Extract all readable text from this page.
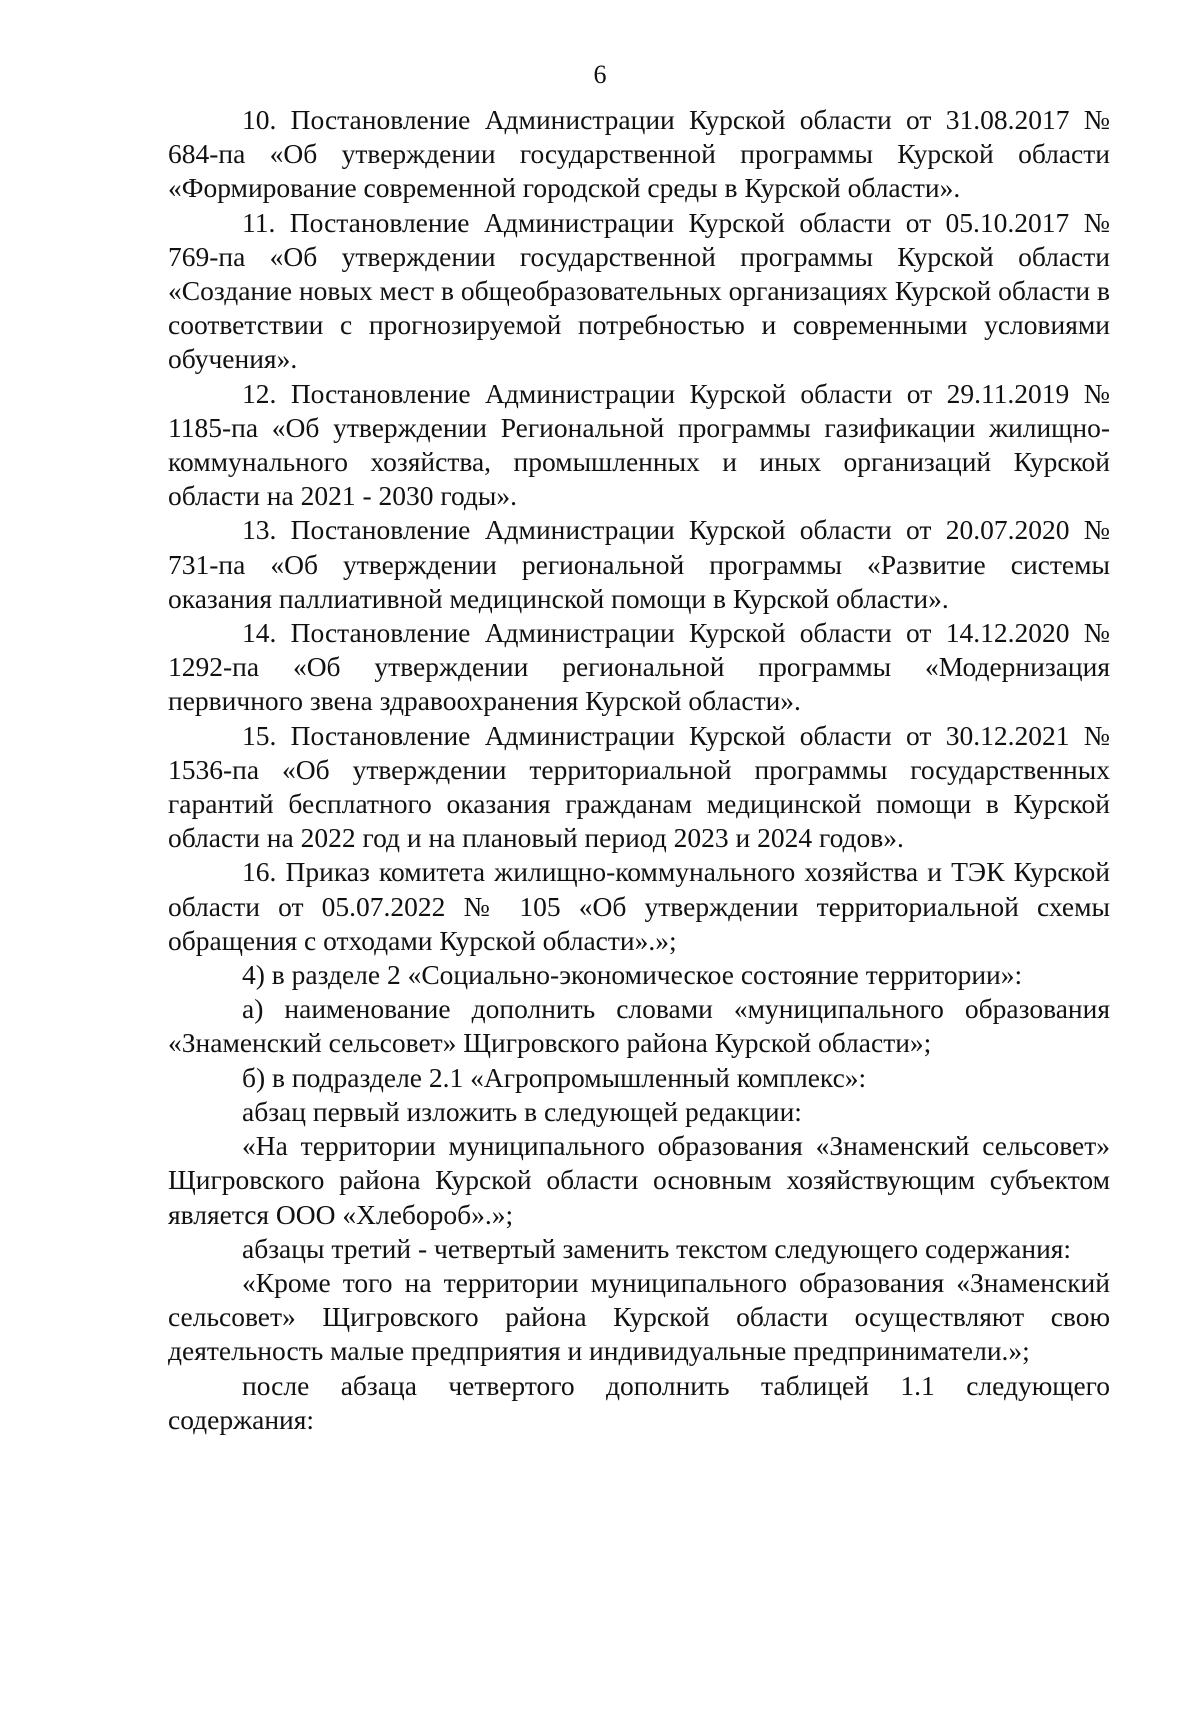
6

10. Постановление Администрации Курской области от 31.08.2017 № 684-па «Об утверждении государственной программы Курской области «Формирование современной городской среды в Курской области».

11. Постановление Администрации Курской области от 05.10.2017 № 769-па «Об утверждении государственной программы Курской области «Создание новых мест в общеобразовательных организациях Курской области в соответствии с прогнозируемой потребностью и современными условиями обучения».

12. Постановление Администрации Курской области от 29.11.2019 № 1185-па «Об утверждении Региональной программы газификации жилищно-коммунального хозяйства, промышленных и иных организаций Курской области на 2021 - 2030 годы».

13. Постановление Администрации Курской области от 20.07.2020 № 731-па «Об утверждении региональной программы «Развитие системы оказания паллиативной медицинской помощи в Курской области».

14. Постановление Администрации Курской области от 14.12.2020 № 1292-па «Об утверждении региональной программы «Модернизация первичного звена здравоохранения Курской области».

15. Постановление Администрации Курской области от 30.12.2021 № 1536-па «Об утверждении территориальной программы государственных гарантий бесплатного оказания гражданам медицинской помощи в Курской области на 2022 год и на плановый период 2023 и 2024 годов».

16. Приказ комитета жилищно-коммунального хозяйства и ТЭК Курской области от 05.07.2022 № 105 «Об утверждении территориальной схемы обращения с отходами Курской области».»;

4) в разделе 2 «Социально-экономическое состояние территории»:

а) наименование дополнить словами «муниципального образования «Знаменский сельсовет» Щигровского района Курской области»;

б) в подразделе 2.1 «Агропромышленный комплекс»:

абзац первый изложить в следующей редакции:

«На территории муниципального образования «Знаменский сельсовет» Щигровского района Курской области основным хозяйствующим субъектом является ООО «Хлебороб».»;

абзацы третий - четвертый заменить текстом следующего содержания:

«Кроме того на территории муниципального образования «Знаменский сельсовет» Щигровского района Курской области осуществляют свою деятельность малые предприятия и индивидуальные предприниматели.»;

после абзаца четвертого дополнить таблицей 1.1 следующего содержания:
